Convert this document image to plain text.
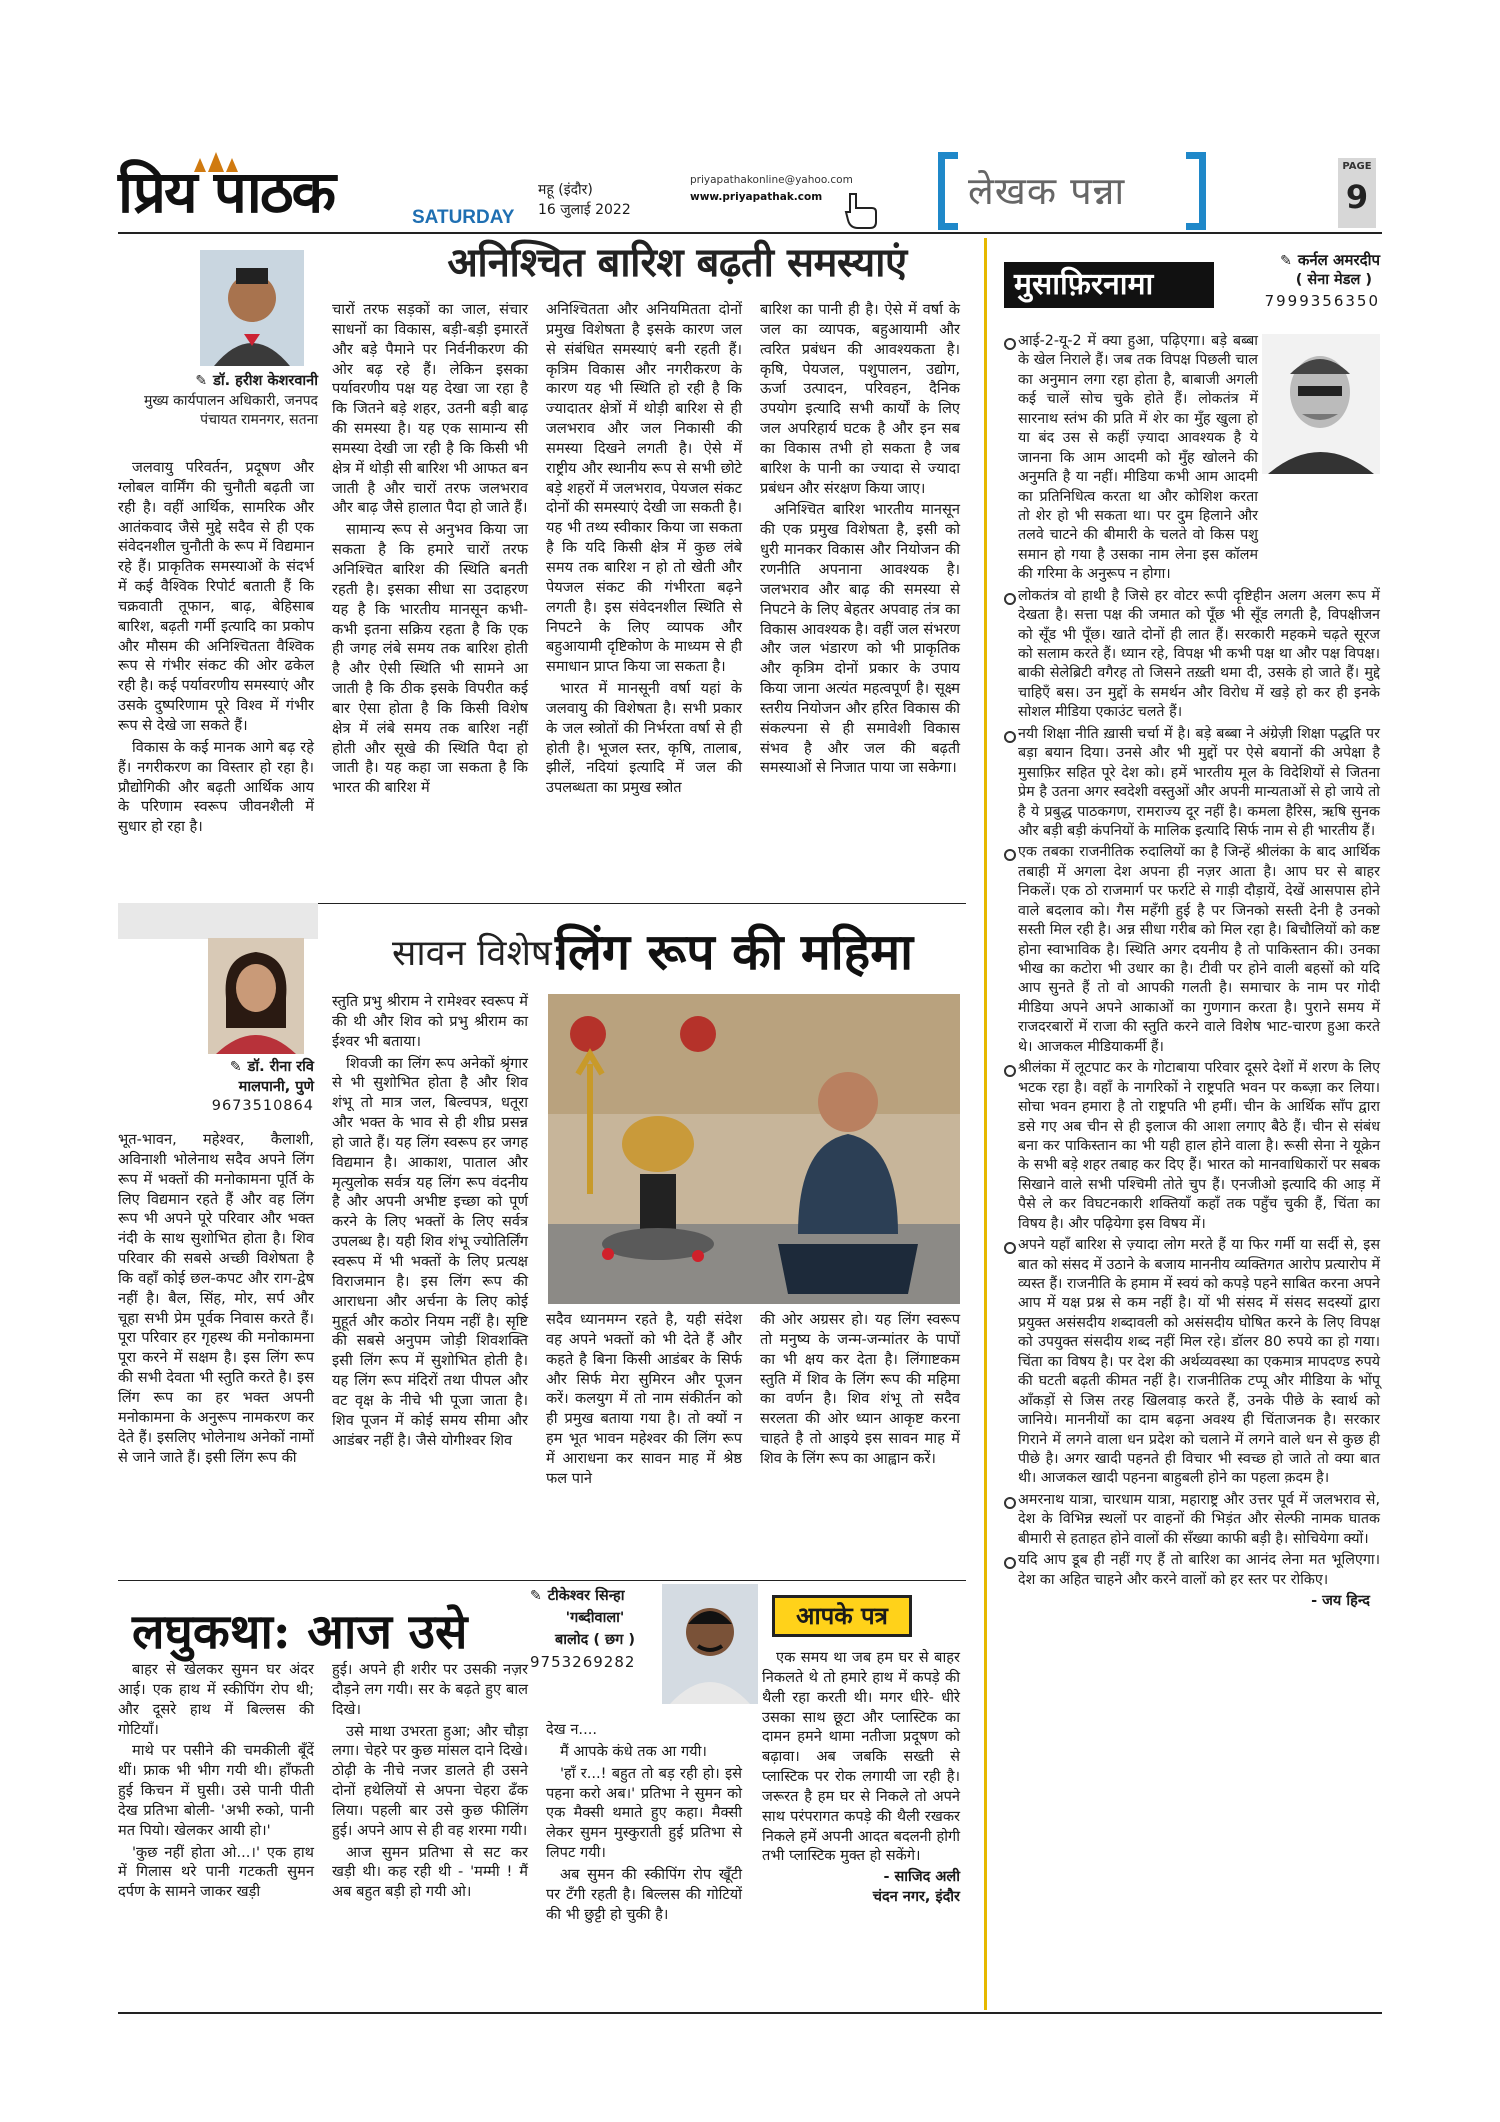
प्रिय पाठक	SATURDAY
महू (इंदौर)
16 जुलाई 2022
priyapathakonline@yahoo.com
www.priyapathak.com	लेखक पन्ना
PAGE
9
अनिश्चित बारिश बढ़ती समस्याएं
✎ डॉ. हरीश केशरवानी
मुख्य कार्यपालन अधिकारी, जनपद पंचायत रामनगर, सतना

जलवायु परिवर्तन, प्रदूषण और ग्लोबल वार्मिंग की चुनौती बढ़ती जा रही है। वहीं आर्थिक, सामरिक और आतंकवाद जैसे मुद्दे सदैव से ही एक संवेदनशील चुनौती के रूप में विद्यमान रहे हैं। प्राकृतिक समस्याओं के संदर्भ में कई वैश्विक रिपोर्ट बताती हैं कि चक्रवाती तूफान, बाढ़, बेहिसाब बारिश, बढ़ती गर्मी इत्यादि का प्रकोप और मौसम की अनिश्चितता वैश्विक रूप से गंभीर संकट की ओर ढकेल रही है। कई पर्यावरणीय समस्याएं और उसके दुष्परिणाम पूरे विश्व में गंभीर रूप से देखे जा सकते हैं।

विकास के कई मानक आगे बढ़ रहे हैं। नगरीकरण का विस्तार हो रहा है। प्रौद्योगिकी और बढ़ती आर्थिक आय के परिणाम स्वरूप जीवनशैली में सुधार हो रहा है।

चारों तरफ सड़कों का जाल, संचार साधनों का विकास, बड़ी-बड़ी इमारतें और बड़े पैमाने पर निर्वनीकरण की ओर बढ़ रहे हैं। लेकिन इसका पर्यावरणीय पक्ष यह देखा जा रहा है कि जितने बड़े शहर, उतनी बड़ी बाढ़ की समस्या है। यह एक सामान्य सी समस्या देखी जा रही है कि किसी भी क्षेत्र में थोड़ी सी बारिश भी आफत बन जाती है और चारों तरफ जलभराव और बाढ़ जैसे हालात पैदा हो जाते हैं।

सामान्य रूप से अनुभव किया जा सकता है कि हमारे चारों तरफ अनिश्चित बारिश की स्थिति बनती रहती है। इसका सीधा सा उदाहरण यह है कि भारतीय मानसून कभी-कभी इतना सक्रिय रहता है कि एक ही जगह लंबे समय तक बारिश होती है और ऐसी स्थिति भी सामने आ जाती है कि ठीक इसके विपरीत कई बार ऐसा होता है कि किसी विशेष क्षेत्र में लंबे समय तक बारिश नहीं होती और सूखे की स्थिति पैदा हो जाती है। यह कहा जा सकता है कि भारत की बारिश में

अनिश्चितता और अनियमितता दोनों प्रमुख विशेषता है इसके कारण जल से संबंधित समस्याएं बनी रहती हैं। कृत्रिम विकास और नगरीकरण के कारण यह भी स्थिति हो रही है कि ज्यादातर क्षेत्रों में थोड़ी बारिश से ही जलभराव और जल निकासी की समस्या दिखने लगती है। ऐसे में राष्ट्रीय और स्थानीय रूप से सभी छोटे बड़े शहरों में जलभराव, पेयजल संकट दोनों की समस्याएं देखी जा सकती है। यह भी तथ्य स्वीकार किया जा सकता है कि यदि किसी क्षेत्र में कुछ लंबे समय तक बारिश न हो तो खेती और पेयजल संकट की गंभीरता बढ़ने लगती है। इस संवेदनशील स्थिति से निपटने के लिए व्यापक और बहुआयामी दृष्टिकोण के माध्यम से ही समाधान प्राप्त किया जा सकता है।

भारत में मानसूनी वर्षा यहां के जलवायु की विशेषता है। सभी प्रकार के जल स्त्रोतों की निर्भरता वर्षा से ही होती है। भूजल स्तर, कृषि, तालाब, झीलें, नदियां इत्यादि में जल की उपलब्धता का प्रमुख स्त्रोत

बारिश का पानी ही है। ऐसे में वर्षा के जल का व्यापक, बहुआयामी और त्वरित प्रबंधन की आवश्यकता है। कृषि, पेयजल, पशुपालन, उद्योग, ऊर्जा उत्पादन, परिवहन, दैनिक उपयोग इत्यादि सभी कार्यों के लिए जल अपरिहार्य घटक है और इन सब का विकास तभी हो सकता है जब बारिश के पानी का ज्यादा से ज्यादा प्रबंधन और संरक्षण किया जाए।

अनिश्चित बारिश भारतीय मानसून की एक प्रमुख विशेषता है, इसी को धुरी मानकर विकास और नियोजन की रणनीति अपनाना आवश्यक है। जलभराव और बाढ़ की समस्या से निपटने के लिए बेहतर अपवाह तंत्र का विकास आवश्यक है। वहीं जल संभरण और जल भंडारण को भी प्राकृतिक और कृत्रिम दोनों प्रकार के उपाय किया जाना अत्यंत महत्वपूर्ण है। सूक्ष्म स्तरीय नियोजन और हरित विकास की संकल्पना से ही समावेशी विकास संभव है और जल की बढ़ती समस्याओं से निजात पाया जा सकेगा।

सावन विशेष:
लिंग रूप की महिमा
✎ डॉ. रीना रवि
मालपानी, पुणे
9673510864

भूत-भावन, महेश्वर, कैलाशी, अविनाशी भोलेनाथ सदैव अपने लिंग रूप में भक्तों की मनोकामना पूर्ति के लिए विद्यमान रहते हैं और वह लिंग रूप भी अपने पूरे परिवार और भक्त नंदी के साथ सुशोभित होता है। शिव परिवार की सबसे अच्छी विशेषता है कि वहाँ कोई छल-कपट और राग-द्वेष नहीं है। बैल, सिंह, मोर, सर्प और चूहा सभी प्रेम पूर्वक निवास करते हैं। पूरा परिवार हर गृहस्थ की मनोकामना पूरा करने में सक्षम है। इस लिंग रूप की सभी देवता भी स्तुति करते है। इस लिंग रूप का हर भक्त अपनी मनोकामना के अनुरूप नामकरण कर देते हैं। इसलिए भोलेनाथ अनेकों नामों से जाने जाते हैं। इसी लिंग रूप की

स्तुति प्रभु श्रीराम ने रामेश्वर स्वरूप में की थी और शिव को प्रभु श्रीराम का ईश्वर भी बताया।

शिवजी का लिंग रूप अनेकों श्रृंगार से भी सुशोभित होता है और शिव शंभू तो मात्र जल, बिल्वपत्र, धतूरा और भक्त के भाव से ही शीघ्र प्रसन्न हो जाते हैं। यह लिंग स्वरूप हर जगह विद्यमान है। आकाश, पाताल और मृत्युलोक सर्वत्र यह लिंग रूप वंदनीय है और अपनी अभीष्ट इच्छा को पूर्ण करने के लिए भक्तों के लिए सर्वत्र उपलब्ध है। यही शिव शंभू ज्योतिर्लिंग स्वरूप में भी भक्तों के लिए प्रत्यक्ष विराजमान है। इस लिंग रूप की आराधना और अर्चना के लिए कोई मुहूर्त और कठोर नियम नहीं है। सृष्टि की सबसे अनुपम जोड़ी शिवशक्ति इसी लिंग रूप में सुशोभित होती है। यह लिंग रूप मंदिरों तथा पीपल और वट वृक्ष के नीचे भी पूजा जाता है। शिव पूजन में कोई समय सीमा और आडंबर नहीं है। जैसे योगीश्वर शिव

सदैव ध्यानमग्न रहते है, यही संदेश वह अपने भक्तों को भी देते हैं और कहते है बिना किसी आडंबर के सिर्फ और सिर्फ मेरा सुमिरन और पूजन करें। कलयुग में तो नाम संकीर्तन को ही प्रमुख बताया गया है। तो क्यों न हम भूत भावन महेश्वर की लिंग रूप में आराधना कर सावन माह में श्रेष्ठ फल पाने

की ओर अग्रसर हो। यह लिंग स्वरूप तो मनुष्य के जन्म-जन्मांतर के पापों का भी क्षय कर देता है। लिंगाष्टकम स्तुति में शिव के लिंग रूप की महिमा का वर्णन है। शिव शंभू तो सदैव सरलता की ओर ध्यान आकृष्ट करना चाहते है तो आइये इस सावन माह में शिव के लिंग रूप का आह्वान करें।

लघुकथा: आज उसे
✎ टीकेश्वर सिन्हा
'गब्दीवाला'
बालोद ( छग )
9753269282

बाहर से खेलकर सुमन घर अंदर आई। एक हाथ में स्कीपिंग रोप थी; और दूसरे हाथ में बिल्लस की गोटियाँ।

माथे पर पसीने की चमकीली बूँदें थीं। फ्राक भी भीग गयी थी। हाँफती हुई किचन में घुसी। उसे पानी पीती देख प्रतिभा बोली- 'अभी रुको, पानी मत पियो। खेलकर आयी हो।'

'कुछ नहीं होता ओ...।' एक हाथ में गिलास थरे पानी गटकती सुमन दर्पण के सामने जाकर खड़ी

हुई। अपने ही शरीर पर उसकी नज़र दौड़ने लग गयी। सर के बढ़ते हुए बाल दिखे।

उसे माथा उभरता हुआ; और चौड़ा लगा। चेहरे पर कुछ मांसल दाने दिखे। ठोढ़ी के नीचे नजर डालते ही उसने दोनों हथेलियों से अपना चेहरा ढँक लिया। पहली बार उसे कुछ फीलिंग हुई। अपने आप से ही वह शरमा गयी।

आज सुमन प्रतिभा से सट कर खड़ी थी। कह रही थी - 'मम्मी ! मैं अब बहुत बड़ी हो गयी ओ।

देख न....

मैं आपके कंधे तक आ गयी।

'हाँ र...! बहुत तो बड़ रही हो। इसे पहना करो अब।' प्रतिभा ने सुमन को एक मैक्सी थमाते हुए कहा। मैक्सी लेकर सुमन मुस्कुराती हुई प्रतिभा से लिपट गयी।

अब सुमन की स्कीपिंग रोप खूँटी पर टँगी रहती है। बिल्लस की गोटियों की भी छुट्टी हो चुकी है।

आपके पत्र

एक समय था जब हम घर से बाहर निकलते थे तो हमारे हाथ में कपड़े की थैली रहा करती थी। मगर धीरे- धीरे उसका साथ छूटा और प्लास्टिक का दामन हमने थामा नतीजा प्रदूषण को बढ़ावा। अब जबकि सख्ती से प्लास्टिक पर रोक लगायी जा रही है। जरूरत है हम घर से निकले तो अपने साथ परंपरागत कपड़े की थैली रखकर निकले हमें अपनी आदत बदलनी होगी तभी प्लास्टिक मुक्त हो सकेंगे।

- साजिद अली
चंदन नगर, इंदौर
✎ कर्नल अमरदीप
( सेना मेडल )
7999356350
मुसाफ़िरनामा
आई-2-यू-2 में क्या हुआ, पढ़िएगा। बड़े बब्बा के खेल निराले हैं। जब तक विपक्ष पिछली चाल का अनुमान लगा रहा होता है, बाबाजी अगली कई चालें सोच चुके होते हैं। लोकतंत्र में सारनाथ स्तंभ की प्रति में शेर का मुँह खुला हो या बंद उस से कहीं ज़्यादा आवश्यक है ये जानना कि आम आदमी को मुँह खोलने की अनुमति है या नहीं। मीडिया कभी आम आदमी का प्रतिनिधित्व करता था और कोशिश करता तो शेर हो भी सकता था। पर दुम हिलाने और तलवे चाटने की बीमारी के चलते वो किस पशु समान हो गया है उसका नाम लेना इस कॉलम की गरिमा के अनुरूप न होगा।
लोकतंत्र वो हाथी है जिसे हर वोटर रूपी दृष्टिहीन अलग अलग रूप में देखता है। सत्ता पक्ष की जमात को पूँछ भी सूँड लगती है, विपक्षीजन को सूँड भी पूँछ। खाते दोनों ही लात हैं। सरकारी महकमे चढ़ते सूरज को सलाम करते हैं। ध्यान रहे, विपक्ष भी कभी पक्ष था और पक्ष विपक्ष। बाकी सेलेब्रिटी वगैरह तो जिसने तख़्ती थमा दी, उसके हो जाते हैं। मुद्दे चाहिएँ बस। उन मुद्दों के समर्थन और विरोध में खड़े हो कर ही इनके सोशल मीडिया एकाउंट चलते हैं।
नयी शिक्षा नीति ख़ासी चर्चा में है। बड़े बब्बा ने अंग्रेज़ी शिक्षा पद्धति पर बड़ा बयान दिया। उनसे और भी मुद्दों पर ऐसे बयानों की अपेक्षा है मुसाफ़िर सहित पूरे देश को। हमें भारतीय मूल के विदेशियों से जितना प्रेम है उतना अगर स्वदेशी वस्तुओं और अपनी मान्यताओं से हो जाये तो है ये प्रबुद्ध पाठकगण, रामराज्य दूर नहीं है। कमला हैरिस, ऋषि सुनक और बड़ी बड़ी कंपनियों के मालिक इत्यादि सिर्फ नाम से ही भारतीय हैं।
एक तबका राजनीतिक रुदालियों का है जिन्हें श्रीलंका के बाद आर्थिक तबाही में अगला देश अपना ही नज़र आता है। आप घर से बाहर निकलें। एक ठो राजमार्ग पर फर्राटे से गाड़ी दौड़ायें, देखें आसपास होने वाले बदलाव को। गैस महँगी हुई है पर जिनको सस्ती देनी है उनको सस्ती मिल रही है। अन्न सीधा गरीब को मिल रहा है। बिचौलियों को कष्ट होना स्वाभाविक है। स्थिति अगर दयनीय है तो पाकिस्तान की। उनका भीख का कटोरा भी उधार का है। टीवी पर होने वाली बहसों को यदि आप सुनते हैं तो वो आपकी गलती है। समाचार के नाम पर गोदी मीडिया अपने अपने आकाओं का गुणगान करता है। पुराने समय में राजदरबारों में राजा की स्तुति करने वाले विशेष भाट-चारण हुआ करते थे। आजकल मीडियाकर्मी हैं।
श्रीलंका में लूटपाट कर के गोटाबाया परिवार दूसरे देशों में शरण के लिए भटक रहा है। वहाँ के नागरिकों ने राष्ट्रपति भवन पर कब्ज़ा कर लिया। सोचा भवन हमारा है तो राष्ट्रपति भी हमीं। चीन के आर्थिक साँप द्वारा डसे गए अब चीन से ही इलाज की आशा लगाए बैठे हैं। चीन से संबंध बना कर पाकिस्तान का भी यही हाल होने वाला है। रूसी सेना ने यूक्रेन के सभी बड़े शहर तबाह कर दिए हैं। भारत को मानवाधिकारों पर सबक सिखाने वाले सभी पश्चिमी तोते चुप हैं। एनजीओ इत्यादि की आड़ में पैसे ले कर विघटनकारी शक्तियाँ कहाँ तक पहुँच चुकी हैं, चिंता का विषय है। और पढ़ियेगा इस विषय में।
अपने यहाँ बारिश से ज़्यादा लोग मरते हैं या फिर गर्मी या सर्दी से, इस बात को संसद में उठाने के बजाय माननीय व्यक्तिगत आरोप प्रत्यारोप में व्यस्त हैं। राजनीति के हमाम में स्वयं को कपड़े पहने साबित करना अपने आप में यक्ष प्रश्न से कम नहीं है। यों भी संसद में संसद सदस्यों द्वारा प्रयुक्त असंसदीय शब्दावली को असंसदीय घोषित करने के लिए विपक्ष को उपयुक्त संसदीय शब्द नहीं मिल रहे। डॉलर 80 रुपये का हो गया। चिंता का विषय है। पर देश की अर्थव्यवस्था का एकमात्र मापदण्ड रुपये की घटती बढ़ती कीमत नहीं है। राजनीतिक टप्पू और मीडिया के भोंपू आँकड़ों से जिस तरह खिलवाड़ करते हैं, उनके पीछे के स्वार्थ को जानिये। माननीयों का दाम बढ़ना अवश्य ही चिंताजनक है। सरकार गिराने में लगने वाला धन प्रदेश को चलाने में लगने वाले धन से कुछ ही पीछे है। अगर खादी पहनते ही विचार भी स्वच्छ हो जाते तो क्या बात थी। आजकल खादी पहनना बाहुबली होने का पहला क़दम है।
अमरनाथ यात्रा, चारधाम यात्रा, महाराष्ट्र और उत्तर पूर्व में जलभराव से, देश के विभिन्न स्थलों पर वाहनों की भिड़ंत और सेल्फी नामक घातक बीमारी से हताहत होने वालों की सँख्या काफी बड़ी है। सोचियेगा क्यों।
यदि आप डूब ही नहीं गए हैं तो बारिश का आनंद लेना मत भूलिएगा। देश का अहित चाहने और करने वालों को हर स्तर पर रोकिए।
- जय हिन्द
